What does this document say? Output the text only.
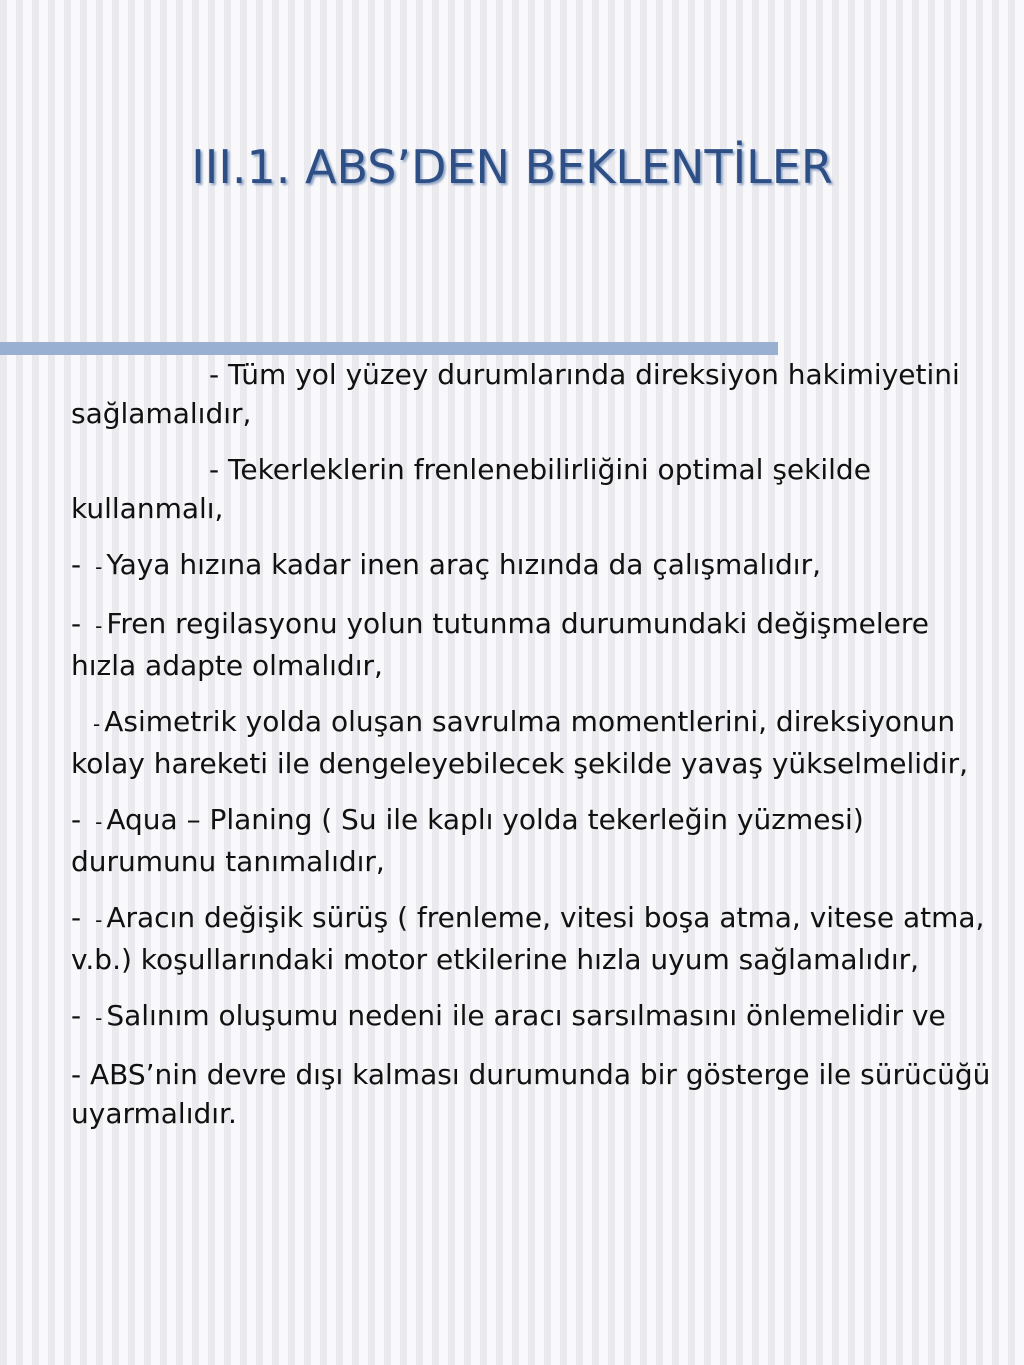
III.1. ABS’DEN BEKLENTİLER

- Tüm yol yüzey durumlarında direksiyon hakimiyetini sağlamalıdır,

- Tekerleklerin frenlenebilirliğini optimal şekilde kullanmalı,

- - Yaya hızına kadar inen araç hızında da çalışmalıdır,

- - Fren regilasyonu yolun tutunma durumundaki değişmelere hızla adapte olmalıdır,

- Asimetrik yolda oluşan savrulma momentlerini, direksiyonun kolay hareketi ile dengeleyebilecek şekilde yavaş yükselmelidir,

- - Aqua – Planing ( Su ile kaplı yolda tekerleğin yüzmesi) durumunu tanımalıdır,

- - Aracın değişik sürüş ( frenleme, vitesi boşa atma, vitese atma, v.b.) koşullarındaki motor etkilerine hızla uyum sağlamalıdır,

- - Salınım oluşumu nedeni ile aracı sarsılmasını önlemelidir ve

- ABS’nin devre dışı kalması durumunda bir gösterge ile sürücüğü uyarmalıdır.
